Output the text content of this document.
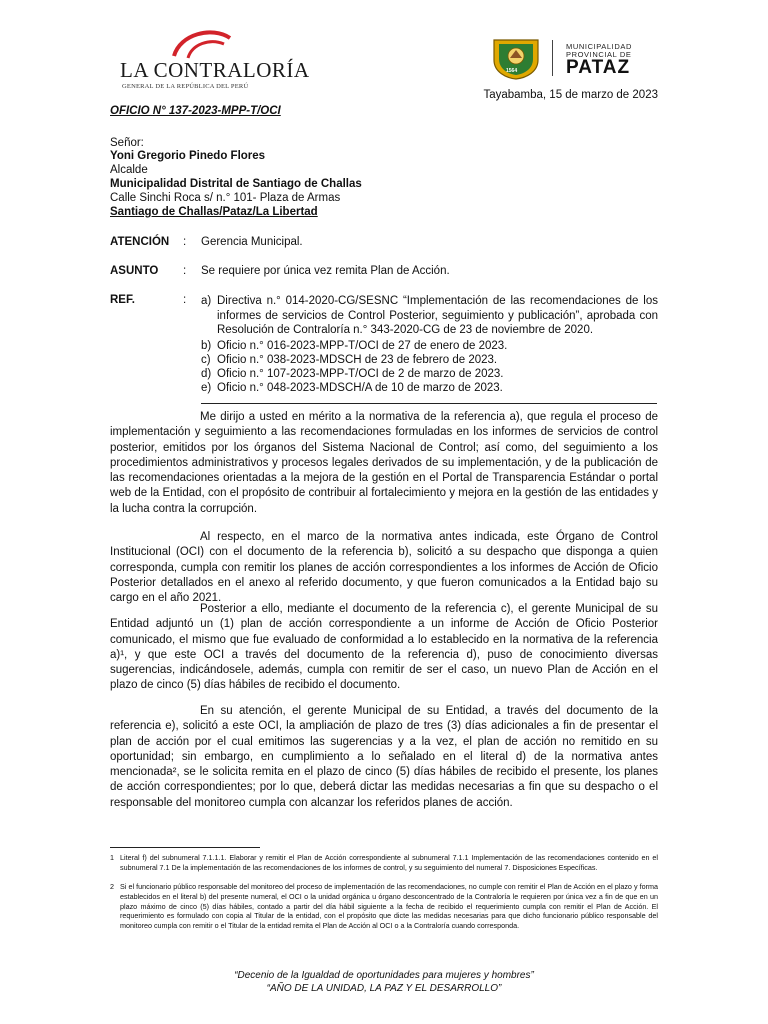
LA CONTRALORÍA
GENERAL DE LA REPÚBLICA DEL PERÚ
1564
MUNICIPALIDAD
PROVINCIAL DE
PATAZ
Tayabamba, 15 de marzo de 2023
OFICIO N° 137-2023-MPP-T/OCI
Señor:
Yoni Gregorio Pinedo Flores
Alcalde
Municipalidad Distrital de Santiago de Challas
Calle Sinchi Roca s/ n.° 101- Plaza de Armas
Santiago de Challas/Pataz/La Libertad
ATENCIÓN : Gerencia Municipal.
ASUNTO : Se requiere por única vez remita Plan de Acción.
REF.	: a) Directiva n.° 014-2020-CG/SESNC “Implementación de las recomendaciones de los informes de servicios de Control Posterior, seguimiento y publicación”, aprobada con Resolución de Contraloría n.° 343-2020-CG de 23 de noviembre de 2020.
b) Oficio n.° 016-2023-MPP-T/OCI de 27 de enero de 2023.
c) Oficio n.° 038-2023-MDSCH de 23 de febrero de 2023.
d) Oficio n.° 107-2023-MPP-T/OCI de 2 de marzo de 2023.
e) Oficio n.° 048-2023-MDSCH/A de 10 de marzo de 2023.
Me dirijo a usted en mérito a la normativa de la referencia a), que regula el proceso de implementación y seguimiento a las recomendaciones formuladas en los informes de servicios de control posterior, emitidos por los órganos del Sistema Nacional de Control; así como, del seguimiento a los procedimientos administrativos y procesos legales derivados de su implementación, y de la publicación de las recomendaciones orientadas a la mejora de la gestión en el Portal de Transparencia Estándar o portal web de la Entidad, con el propósito de contribuir al fortalecimiento y mejora en la gestión de las entidades y la lucha contra la corrupción.
Al respecto, en el marco de la normativa antes indicada, este Órgano de Control Institucional (OCI) con el documento de la referencia b), solicitó a su despacho que disponga a quien corresponda, cumpla con remitir los planes de acción correspondientes a los informes de Acción de Oficio Posterior detallados en el anexo al referido documento, y que fueron comunicados a la Entidad bajo su cargo en el año 2021.
Posterior a ello, mediante el documento de la referencia c), el gerente Municipal de su Entidad adjuntó un (1) plan de acción correspondiente a un informe de Acción de Oficio Posterior comunicado, el mismo que fue evaluado de conformidad a lo establecido en la normativa de la referencia a)¹, y que este OCI a través del documento de la referencia d), puso de conocimiento diversas sugerencias, indicándosele, además, cumpla con remitir de ser el caso, un nuevo Plan de Acción en el plazo de cinco (5) días hábiles de recibido el documento.
En su atención, el gerente Municipal de su Entidad, a través del documento de la referencia e), solicitó a este OCI, la ampliación de plazo de tres (3) días adicionales a fin de presentar el plan de acción por el cual emitimos las sugerencias y a la vez, el plan de acción no remitido en su oportunidad; sin embargo, en cumplimiento a lo señalado en el literal d) de la normativa antes mencionada², se le solicita remita en el plazo de cinco (5) días hábiles de recibido el presente, los planes de acción correspondientes; por lo que, deberá dictar las medidas necesarias a fin que su despacho o el responsable del monitoreo cumpla con alcanzar los referidos planes de acción.
1 Literal f) del subnumeral 7.1.1.1. Elaborar y remitir el Plan de Acción correspondiente al subnumeral 7.1.1 Implementación de las recomendaciones contenido en el subnumeral 7.1 De la implementación de las recomendaciones de los informes de control, y su seguimiento del numeral 7. Disposiciones Específicas.
2 Si el funcionario público responsable del monitoreo del proceso de implementación de las recomendaciones, no cumple con remitir el Plan de Acción en el plazo y forma establecidos en el literal b) del presente numeral, el OCI o la unidad orgánica u órgano desconcentrado de la Contraloría le requieren por única vez a fin de que en un plazo máximo de cinco (5) días hábiles, contado a partir del día hábil siguiente a la fecha de recibido el requerimiento cumpla con remitir el Plan de Acción. El requerimiento es formulado con copia al Titular de la entidad, con el propósito que dicte las medidas necesarias para que dicho funcionario público responsable del monitoreo cumpla con remitir o el Titular de la entidad remita el Plan de Acción al OCI o a la Contraloría cuando corresponda.
“Decenio de la Igualdad de oportunidades para mujeres y hombres”
“AÑO DE LA UNIDAD, LA PAZ Y EL DESARROLLO”
